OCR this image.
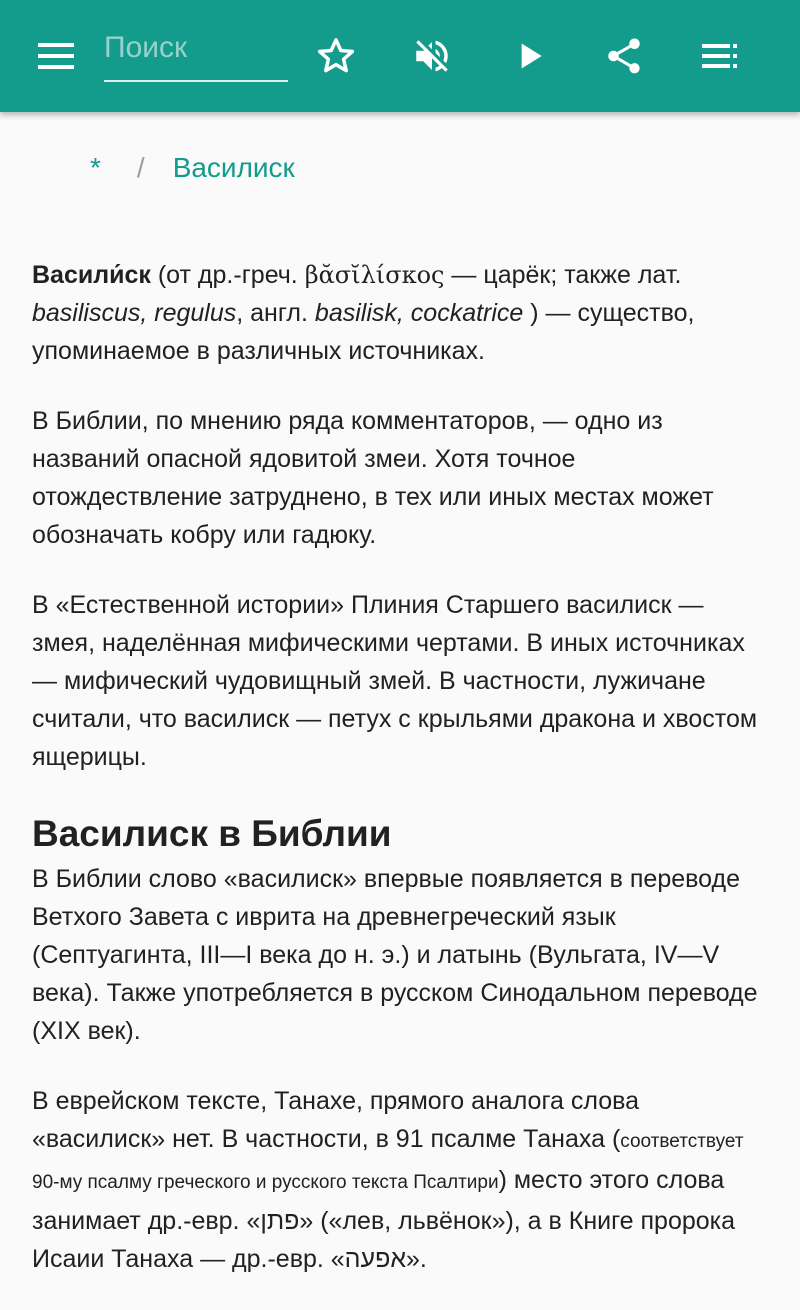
Поиск
* / Василиск

Васили́ск (от др.-греч. βᾰσῐλίσκος — царёк; также лат. basiliscus, regulus, англ. basilisk, cockatrice ) — существо, упоминаемое в различных источниках.

В Библии, по мнению ряда комментаторов, — одно из названий опасной ядовитой змеи. Хотя точное отождествление затруднено, в тех или иных местах может обозначать кобру или гадюку.

В «Естественной истории» Плиния Старшего василиск — змея, наделённая мифическими чертами. В иных источниках — мифический чудовищный змей. В частности, лужичане считали, что василиск — петух с крыльями дракона и хвостом ящерицы.

Василиск в Библии

В Библии слово «василиск» впервые появляется в переводе Ветхого Завета с иврита на древнегреческий язык (Септуагинта, III—I века до н. э.) и латынь (Вульгата, IV—V века). Также употребляется в русском Синодальном переводе (XIX век).

В еврейском тексте, Танахе, прямого аналога слова «василиск» нет. В частности, в 91 псалме Танаха (соответствует 90-му псалму греческого и русского текста Псалтири) место этого слова занимает др.-евр. «פתן» («лев, львёнок»), а в Книге пророка Исаии Танаха — др.-евр. «אפעה».
